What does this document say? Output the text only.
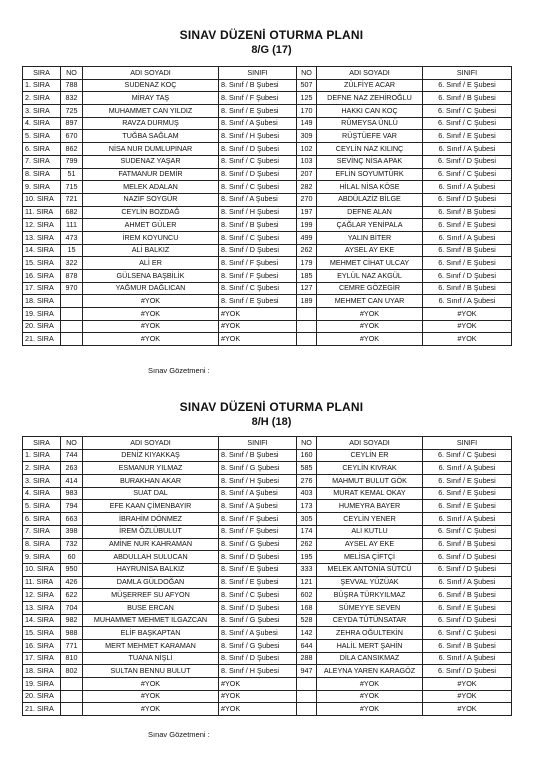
SINAV DÜZENİ OTURMA PLANI
8/G (17)
SIRA	NO	ADI SOYADI	SINIFI	NO	ADI SOYADI	SINIFI
1. SIRA	788	SUDENAZ KOÇ	8. Sınıf / B Şubesi	507	ZÜLFİYE ACAR	6. Sınıf / E Şubesi
2. SIRA	832	MİRAY TAŞ	8. Sınıf / F Şubesi	125	DEFNE NAZ ZEHİROĞLU	6. Sınıf / B Şubesi
3. SIRA	725	MUHAMMET CAN YILDIZ	8. Sınıf / E Şubesi	170	HAKKI CAN KOÇ	6. Sınıf / C Şubesi
4. SIRA	897	RAVZA DURMUŞ	8. Sınıf / A Şubesi	149	RÜMEYSA ÜNLÜ	6. Sınıf / C Şubesi
5. SIRA	670	TUĞBA SAĞLAM	8. Sınıf / H Şubesi	309	RÜŞTÜEFE VAR	6. Sınıf / E Şubesi
6. SIRA	862	NİSA NUR DUMLUPINAR	8. Sınıf / D Şubesi	102	CEYLİN NAZ KILINÇ	6. Sınıf / A Şubesi
7. SIRA	799	SUDENAZ YAŞAR	8. Sınıf / C Şubesi	103	SEVİNÇ NİSA APAK	6. Sınıf / D Şubesi
8. SIRA	51	FATMANUR DEMİR	8. Sınıf / D Şubesi	207	EFLİN SOYUMTÜRK	6. Sınıf / C Şubesi
9. SIRA	715	MELEK ADALAN	8. Sınıf / C Şubesi	282	HİLAL NİSA KÖSE	6. Sınıf / A Şubesi
10. SIRA	721	NAZİF SOYGÜR	8. Sınıf / A Şubesi	270	ABDÜLAZİZ BİLGE	6. Sınıf / D Şubesi
11. SIRA	682	CEYLİN BOZDAĞ	8. Sınıf / H Şubesi	197	DEFNE ALAN	6. Sınıf / B Şubesi
12. SIRA	111	AHMET GÜLER	8. Sınıf / B Şubesi	199	ÇAĞLAR YENİPALA	6. Sınıf / E Şubesi
13. SIRA	473	İREM KOYUNCU	8. Sınıf / C Şubesi	499	YALIN BİTER	6. Sınıf / A Şubesi
14. SIRA	15	ALİ BALKIZ	8. Sınıf / D Şubesi	262	AYSEL AY EKE	6. Sınıf / B Şubesi
15. SIRA	322	ALİ ER	8. Sınıf / F Şubesi	179	MEHMET CİHAT ULCAY	6. Sınıf / E Şubesi
16. SIRA	878	GÜLSENA BAŞBİLİK	8. Sınıf / F Şubesi	185	EYLÜL NAZ AKGÜL	6. Sınıf / D Şubesi
17. SIRA	970	YAĞMUR DAĞLICAN	8. Sınıf / C Şubesi	127	CEMRE GÖZEGİR	6. Sınıf / B Şubesi
18. SIRA		#YOK	8. Sınıf / E Şubesi	189	MEHMET CAN UYAR	6. Sınıf / A Şubesi
19. SIRA		#YOK	#YOK		#YOK	#YOK
20. SIRA		#YOK	#YOK		#YOK	#YOK
21. SIRA		#YOK	#YOK		#YOK	#YOK
Sınav Gözetmeni :
SINAV DÜZENİ OTURMA PLANI
8/H (18)
SIRA	NO	ADI SOYADI	SINIFI	NO	ADI SOYADI	SINIFI
1. SIRA	744	DENİZ KIYAKKAŞ	8. Sınıf / B Şubesi	160	CEYLİN ER	6. Sınıf / C Şubesi
2. SIRA	263	ESMANUR YILMAZ	8. Sınıf / G Şubesi	585	CEYLİN KIVRAK	6. Sınıf / A Şubesi
3. SIRA	414	BURAKHAN AKAR	8. Sınıf / H Şubesi	276	MAHMUT BULUT GÖK	6. Sınıf / E Şubesi
4. SIRA	983	SUAT DAL	8. Sınıf / A Şubesi	403	MURAT KEMAL OKAY	6. Sınıf / E Şubesi
5. SIRA	794	EFE KAAN ÇİMENBAYIR	8. Sınıf / A Şubesi	173	HUMEYRA BAYER	6. Sınıf / E Şubesi
6. SIRA	663	İBRAHİM DÖNMEZ	8. Sınıf / F Şubesi	305	CEYLİN YENER	6. Sınıf / A Şubesi
7. SIRA	398	İREM ÖZLÜBULUT	8. Sınıf / F Şubesi	174	ALİ KUTLU	6. Sınıf / C Şubesi
8. SIRA	732	AMİNE NUR KAHRAMAN	8. Sınıf / G Şubesi	262	AYSEL AY EKE	6. Sınıf / B Şubesi
9. SIRA	60	ABDULLAH SULUCAN	8. Sınıf / D Şubesi	195	MELİSA ÇİFTÇİ	6. Sınıf / D Şubesi
10. SIRA	950	HAYRUNİSA BALKIZ	8. Sınıf / E Şubesi	333	MELEK ANTONİA SÜTCÜ	6. Sınıf / D Şubesi
11. SIRA	426	DAMLA GÜLDOĞAN	8. Sınıf / E Şubesi	121	ŞEVVAL YÜZÜAK	6. Sınıf / A Şubesi
12. SIRA	622	MÜŞERREF SU AFYON	8. Sınıf / C Şubesi	602	BÜŞRA TÜRKYILMAZ	6. Sınıf / B Şubesi
13. SIRA	704	BUSE ERCAN	8. Sınıf / D Şubesi	168	SÜMEYYE SEVEN	6. Sınıf / E Şubesi
14. SIRA	982	MUHAMMET MEHMET ILGAZCAN	8. Sınıf / G Şubesi	528	CEYDA TÜTÜNSATAR	6. Sınıf / D Şubesi
15. SIRA	988	ELİF BAŞKAPTAN	8. Sınıf / A Şubesi	142	ZEHRA OĞULTEKİN	6. Sınıf / C Şubesi
16. SIRA	771	MERT MEHMET KARAMAN	8. Sınıf / G Şubesi	644	HALİL MERT ŞAHİN	6. Sınıf / B Şubesi
17. SIRA	810	TUANA NİŞLİ	8. Sınıf / D Şubesi	288	DİLA CANSIKMAZ	6. Sınıf / A Şubesi
18. SIRA	802	SULTAN BENNU BULUT	8. Sınıf / H Şubesi	947	ALEYNA YAREN KARAGÖZ	6. Sınıf / D Şubesi
19. SIRA		#YOK	#YOK		#YOK	#YOK
20. SIRA		#YOK	#YOK		#YOK	#YOK
21. SIRA		#YOK	#YOK		#YOK	#YOK
Sınav Gözetmeni :
